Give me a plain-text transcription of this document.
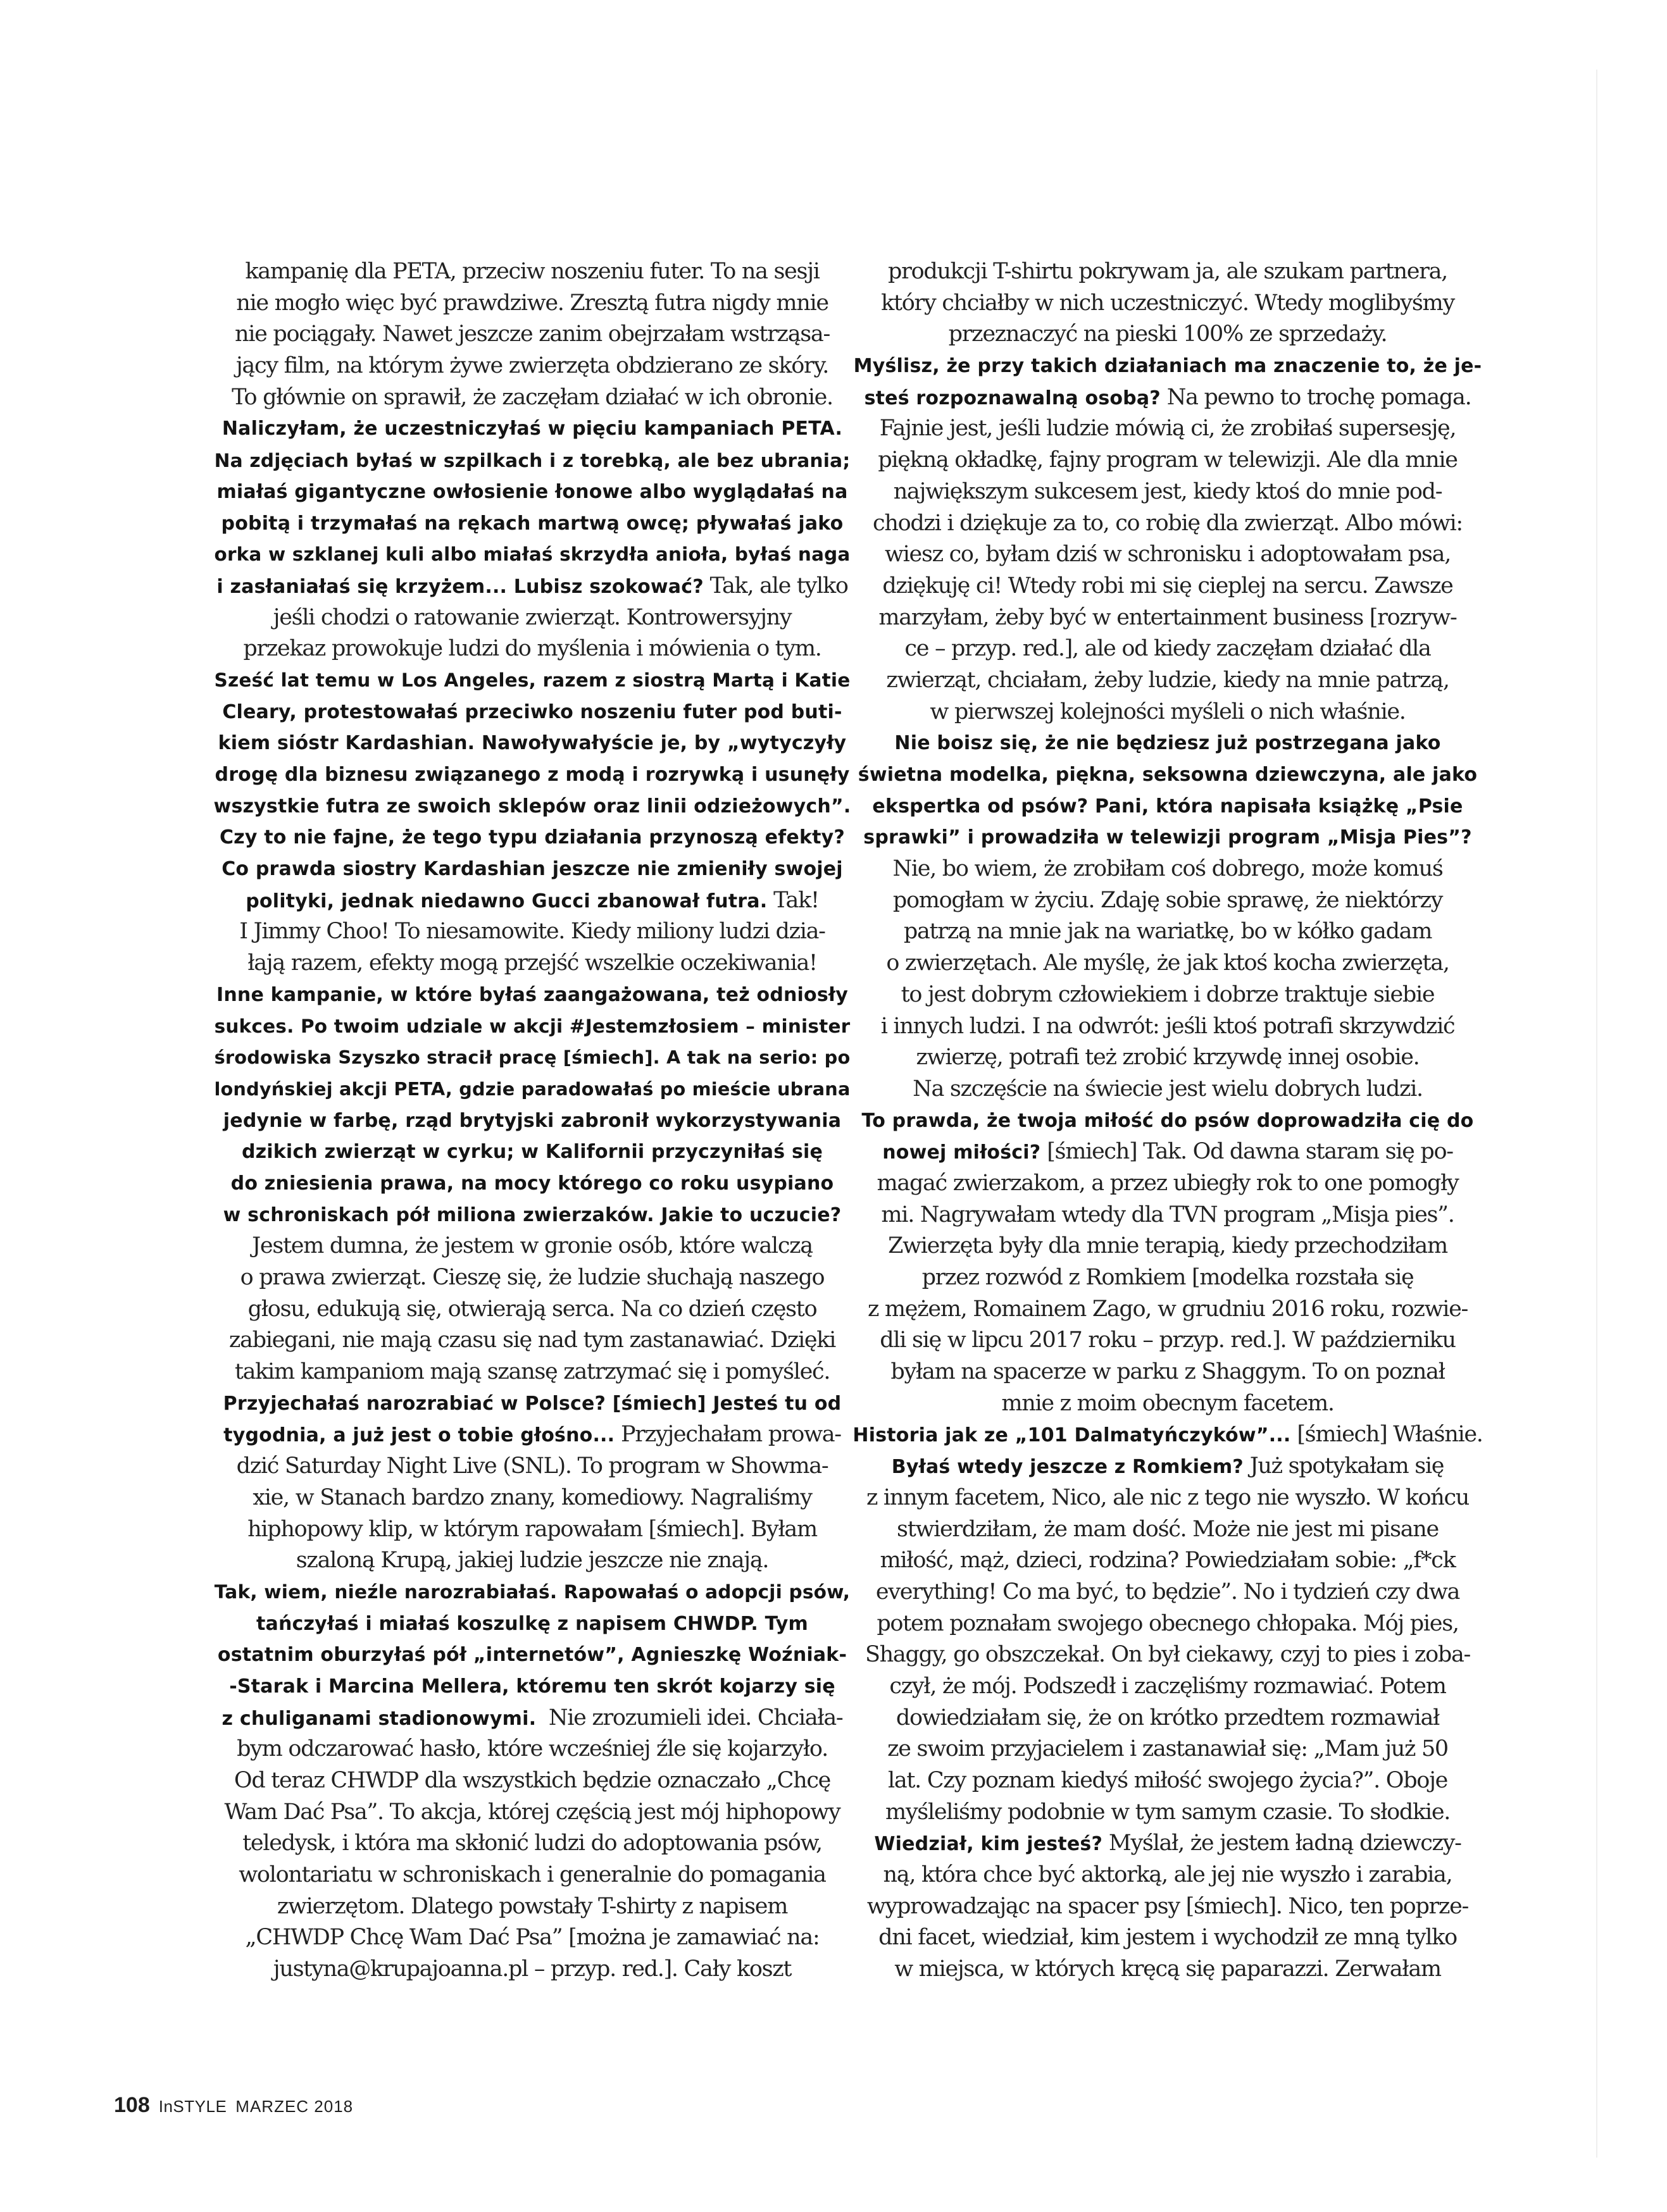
kampanię dla PETA, przeciw noszeniu futer. To na sesji
nie mogło więc być prawdziwe. Zresztą futra nigdy mnie
nie pociągały. Nawet jeszcze zanim obejrzałam wstrząsa-
jący film, na którym żywe zwierzęta obdzierano ze skóry.
To głównie on sprawił, że zaczęłam działać w ich obronie.
Naliczyłam, że uczestniczyłaś w pięciu kampaniach PETA.
Na zdjęciach byłaś w szpilkach i z torebką, ale bez ubrania;
miałaś gigantyczne owłosienie łonowe albo wyglądałaś na
pobitą i trzymałaś na rękach martwą owcę; pływałaś jako
orka w szklanej kuli albo miałaś skrzydła anioła, byłaś naga
i zasłaniałaś się krzyżem... Lubisz szokować? Tak, ale tylko
jeśli chodzi o ratowanie zwierząt. Kontrowersyjny
przekaz prowokuje ludzi do myślenia i mówienia o tym.
Sześć lat temu w Los Angeles, razem z siostrą Martą i Katie
Cleary, protestowałaś przeciwko noszeniu futer pod buti-
kiem sióstr Kardashian. Nawoływałyście je, by „wytyczyły
drogę dla biznesu związanego z modą i rozrywką i usunęły
wszystkie futra ze swoich sklepów oraz linii odzieżowych”.
Czy to nie fajne, że tego typu działania przynoszą efekty?
Co prawda siostry Kardashian jeszcze nie zmieniły swojej
polityki, jednak niedawno Gucci zbanował futra. Tak!
I Jimmy Choo! To niesamowite. Kiedy miliony ludzi dzia-
łają razem, efekty mogą przejść wszelkie oczekiwania!
Inne kampanie, w które byłaś zaangażowana, też odniosły
sukces. Po twoim udziale w akcji #Jestemzłosiem – minister
środowiska Szyszko stracił pracę [śmiech]. A tak na serio: po
londyńskiej akcji PETA, gdzie paradowałaś po mieście ubrana
jedynie w farbę, rząd brytyjski zabronił wykorzystywania
dzikich zwierząt w cyrku; w Kalifornii przyczyniłaś się
do zniesienia prawa, na mocy którego co roku usypiano
w schroniskach pół miliona zwierzaków. Jakie to uczucie?
Jestem dumna, że jestem w gronie osób, które walczą
o prawa zwierząt. Cieszę się, że ludzie słuchają naszego
głosu, edukują się, otwierają serca. Na co dzień często
zabiegani, nie mają czasu się nad tym zastanawiać. Dzięki
takim kampaniom mają szansę zatrzymać się i pomyśleć.
Przyjechałaś narozrabiać w Polsce? [śmiech] Jesteś tu od
tygodnia, a już jest o tobie głośno... Przyjechałam prowa-
dzić Saturday Night Live (SNL). To program w Showma-
xie, w Stanach bardzo znany, komediowy. Nagraliśmy
hiphopowy klip, w którym rapowałam [śmiech]. Byłam
szaloną Krupą, jakiej ludzie jeszcze nie znają.
Tak, wiem, nieźle narozrabiałaś. Rapowałaś o adopcji psów,
tańczyłaś i miałaś koszulkę z napisem CHWDP. Tym
ostatnim oburzyłaś pół „internetów”, Agnieszkę Woźniak-
-Starak i Marcina Mellera, któremu ten skrót kojarzy się
z chuliganami stadionowymi.  Nie zrozumieli idei. Chciała-
bym odczarować hasło, które wcześniej źle się kojarzyło.
Od teraz CHWDP dla wszystkich będzie oznaczało „Chcę
Wam Dać Psa”. To akcja, której częścią jest mój hiphopowy
teledysk, i która ma skłonić ludzi do adoptowania psów,
wolontariatu w schroniskach i generalnie do pomagania
zwierzętom. Dlatego powstały T-shirty z napisem
„CHWDP Chcę Wam Dać Psa” [można je zamawiać na:
justyna@krupajoanna.pl – przyp. red.]. Cały koszt
produkcji T-shirtu pokrywam ja, ale szukam partnera,
który chciałby w nich uczestniczyć. Wtedy moglibyśmy
przeznaczyć na pieski 100% ze sprzedaży.
Myślisz, że przy takich działaniach ma znaczenie to, że je-
steś rozpoznawalną osobą? Na pewno to trochę pomaga.
Fajnie jest, jeśli ludzie mówią ci, że zrobiłaś supersesję,
piękną okładkę, fajny program w telewizji. Ale dla mnie
największym sukcesem jest, kiedy ktoś do mnie pod-
chodzi i dziękuje za to, co robię dla zwierząt. Albo mówi:
wiesz co, byłam dziś w schronisku i adoptowałam psa,
dziękuję ci! Wtedy robi mi się cieplej na sercu. Zawsze
marzyłam, żeby być w entertainment business [rozryw-
ce – przyp. red.], ale od kiedy zaczęłam działać dla
zwierząt, chciałam, żeby ludzie, kiedy na mnie patrzą,
w pierwszej kolejności myśleli o nich właśnie.
Nie boisz się, że nie będziesz już postrzegana jako
świetna modelka, piękna, seksowna dziewczyna, ale jako
ekspertka od psów? Pani, która napisała książkę „Psie
sprawki” i prowadziła w telewizji program „Misja Pies”?
Nie, bo wiem, że zrobiłam coś dobrego, może komuś
pomogłam w życiu. Zdaję sobie sprawę, że niektórzy
patrzą na mnie jak na wariatkę, bo w kółko gadam
o zwierzętach. Ale myślę, że jak ktoś kocha zwierzęta,
to jest dobrym człowiekiem i dobrze traktuje siebie
i innych ludzi. I na odwrót: jeśli ktoś potrafi skrzywdzić
zwierzę, potrafi też zrobić krzywdę innej osobie.
Na szczęście na świecie jest wielu dobrych ludzi.
To prawda, że twoja miłość do psów doprowadziła cię do
nowej miłości? [śmiech] Tak. Od dawna staram się po-
magać zwierzakom, a przez ubiegły rok to one pomogły
mi. Nagrywałam wtedy dla TVN program „Misja pies”.
Zwierzęta były dla mnie terapią, kiedy przechodziłam
przez rozwód z Romkiem [modelka rozstała się
z mężem, Romainem Zago, w grudniu 2016 roku, rozwie-
dli się w lipcu 2017 roku – przyp. red.]. W październiku
byłam na spacerze w parku z Shaggym. To on poznał
mnie z moim obecnym facetem.
Historia jak ze „101 Dalmatyńczyków”... [śmiech] Właśnie.
Byłaś wtedy jeszcze z Romkiem? Już spotykałam się
z innym facetem, Nico, ale nic z tego nie wyszło. W końcu
stwierdziłam, że mam dość. Może nie jest mi pisane
miłość, mąż, dzieci, rodzina? Powiedziałam sobie: „f*ck
everything! Co ma być, to będzie”. No i tydzień czy dwa
potem poznałam swojego obecnego chłopaka. Mój pies,
Shaggy, go obszczekał. On był ciekawy, czyj to pies i zoba-
czył, że mój. Podszedł i zaczęliśmy rozmawiać. Potem
dowiedziałam się, że on krótko przedtem rozmawiał
ze swoim przyjacielem i zastanawiał się: „Mam już 50
lat. Czy poznam kiedyś miłość swojego życia?”. Oboje
myśleliśmy podobnie w tym samym czasie. To słodkie.
Wiedział, kim jesteś? Myślał, że jestem ładną dziewczy-
ną, która chce być aktorką, ale jej nie wyszło i zarabia,
wyprowadzając na spacer psy [śmiech]. Nico, ten poprze-
dni facet, wiedział, kim jestem i wychodził ze mną tylko
w miejsca, w których kręcą się paparazzi. Zerwałam
108 InSTYLE MARZEC 2018
